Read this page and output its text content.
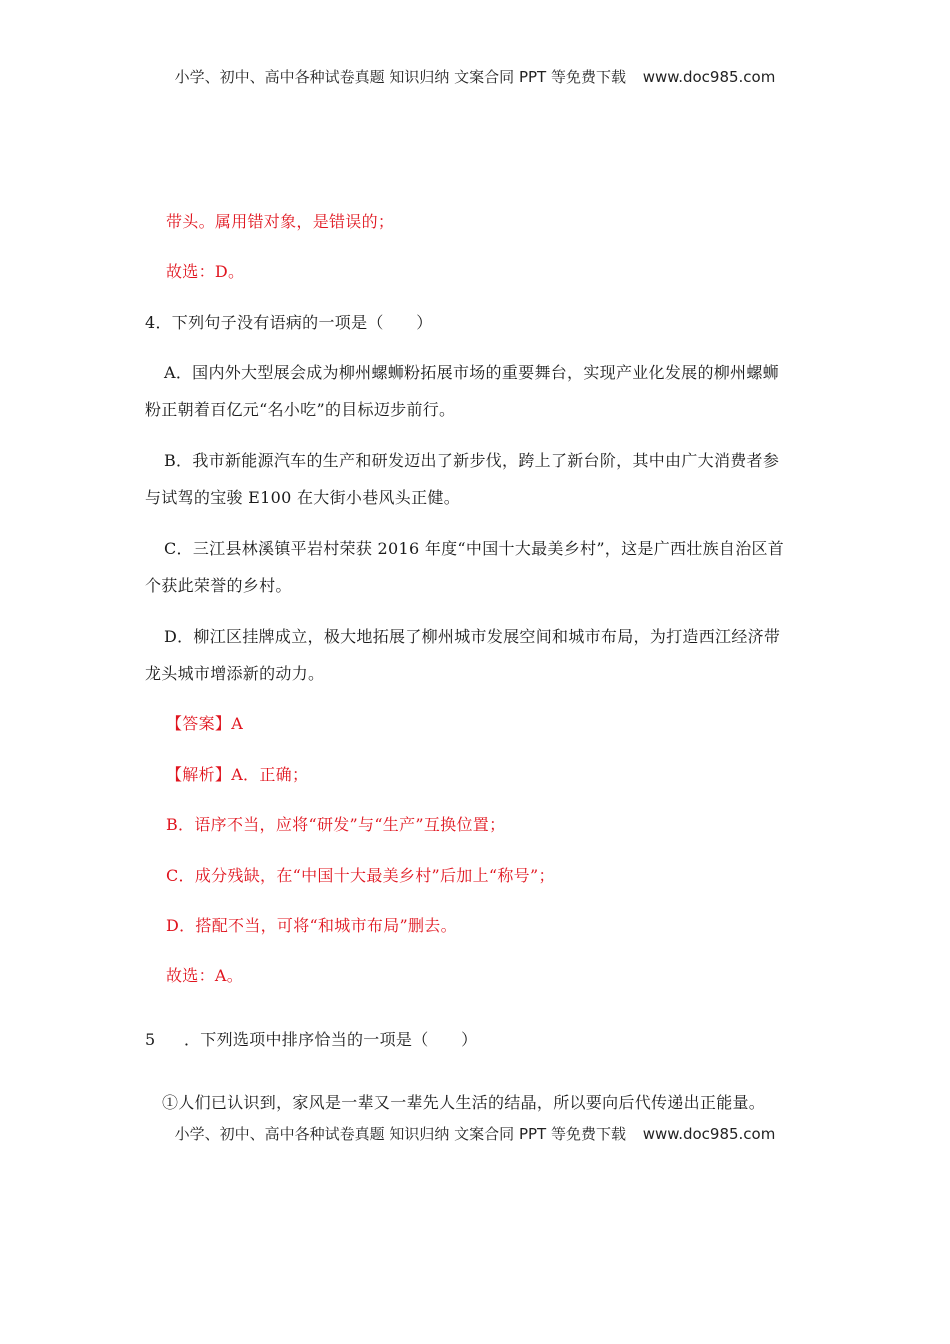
小学、初中、高中各种试卷真题 知识归纳 文案合同 PPT 等免费下载 www.doc985.com
带头。属用错对象，是错误的；
故选：D。
4．下列句子没有语病的一项是（　　）
A．国内外大型展会成为柳州螺蛳粉拓展市场的重要舞台，实现产业化发展的柳州螺蛳
粉正朝着百亿元“名小吃”的目标迈步前行。
B．我市新能源汽车的生产和研发迈出了新步伐，跨上了新台阶，其中由广大消费者参
与试驾的宝骏 E100 在大街小巷风头正健。
C．三江县林溪镇平岩村荣获 2016 年度“中国十大最美乡村”，这是广西壮族自治区首
个获此荣誉的乡村。
D．柳江区挂牌成立，极大地拓展了柳州城市发展空间和城市布局，为打造西江经济带
龙头城市增添新的动力。
【答案】A
【解析】A．正确；
B．语序不当，应将“研发”与“生产”互换位置；
C．成分残缺，在“中国十大最美乡村”后加上“称号”；
D．搭配不当，可将“和城市布局”删去。
故选：A。
5 ．下列选项中排序恰当的一项是（　　）
①人们已认识到，家风是一辈又一辈先人生活的结晶，所以要向后代传递出正能量。
小学、初中、高中各种试卷真题 知识归纳 文案合同 PPT 等免费下载 www.doc985.com
